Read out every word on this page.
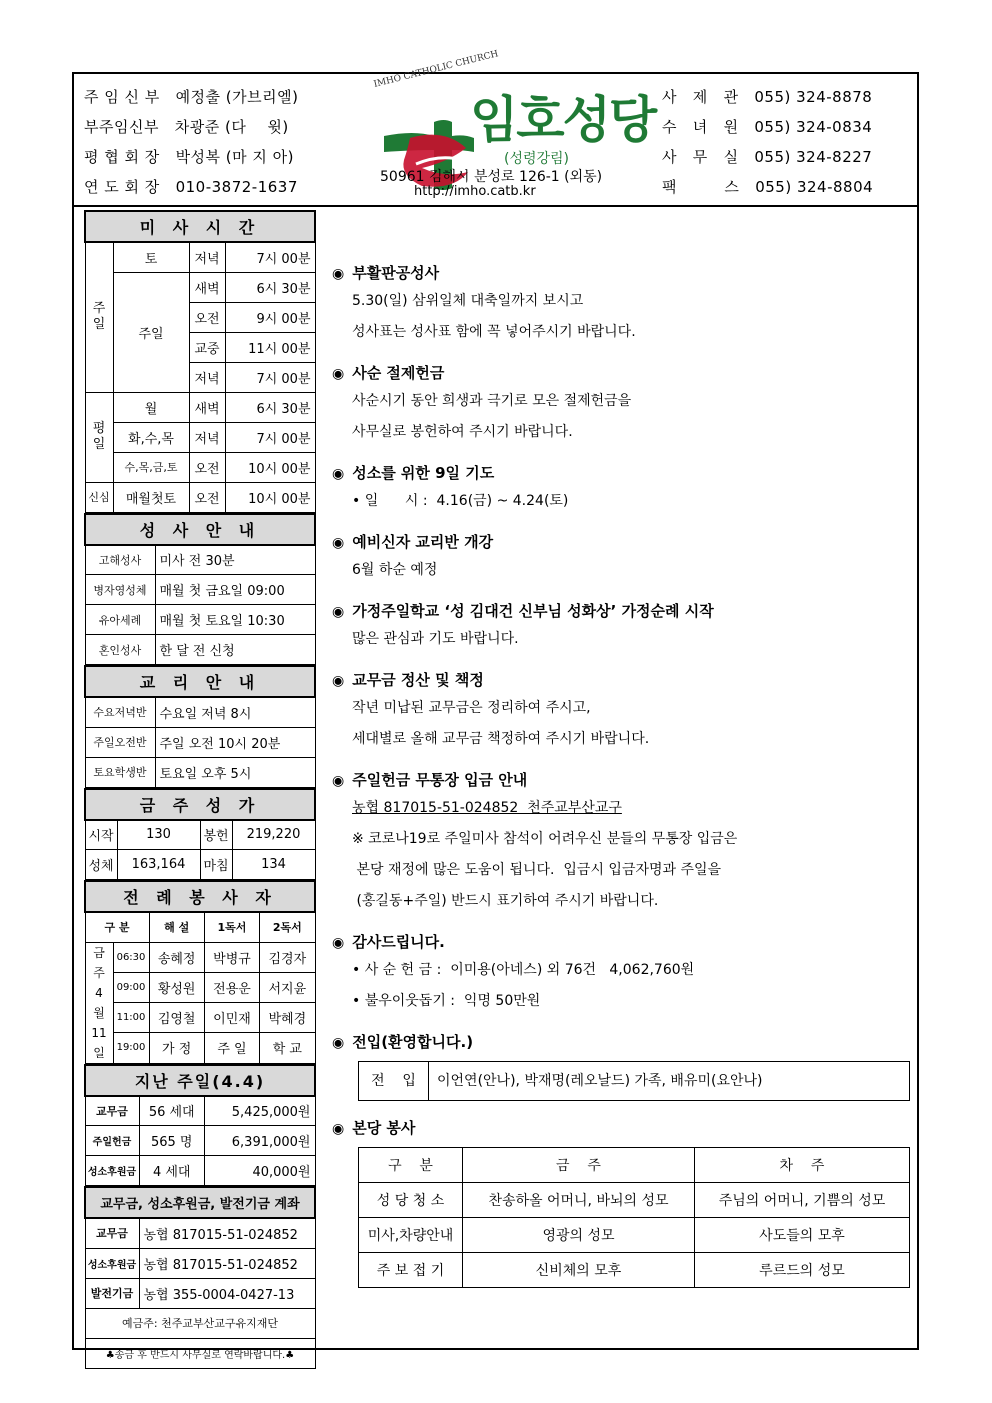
주 임 신 부   예정출 (가브리엘)
부주임신부   차광준 (다    윗)
평 협 회 장   박성복 (마 지 아)
연 도 회 장   010-3872-1637
IMHO CATHOLIC CHURCH
임호성당
(성령강림)
50961 김해시 분성로 126-1 (외동)
http://imho.catb.kr
사   제   관   055) 324-8878
수   녀   원   055) 324-0834
사   무   실   055) 324-8227
팩         스   055) 324-8804
미 사 시 간			
주일	토	저녁	7시 00분
	주일	새벽	6시 30분
		오전	9시 00분
		교중	11시 00분
		저녁	7시 00분
평일	월	새벽	6시 30분
	화,수,목	저녁	7시 00분
	수,목,금,토	오전	10시 00분
신심	매월첫토	오전	10시 00분
성 사 안 내	
고해성사	미사 전 30분
병자영성체	매월 첫 금요일 09:00
유아세례	매월 첫 토요일 10:30
혼인성사	한 달 전 신청
교 리 안 내	
수요저녁반	수요일 저녁 8시
주일오전반	주일 오전 10시 20분
토요학생반	토요일 오후 5시
금 주 성 가			
시작	130	봉헌	219,220
성체	163,164	마침	134
전 례 봉 사 자				
구 분		해 설	1독서	2독서
금주 4 월 11 일	06:30	송혜정	박병규	김경자
	09:00	황성원	전용운	서지윤
	11:00	김영철	이민재	박혜경
	19:00	가 정	주 일	학 교
지난 주일(4.4)		
교무금	56 세대	5,425,000원
주일헌금	565 명	6,391,000원
성소후원금	4 세대	40,000원
교무금, 성소후원금, 발전기금 계좌	
교무금	농협 817015-51-024852
성소후원금	농협 817015-51-024852
발전기금	농협 355-0004-0427-13
예금주: 천주교부산교구유지재단	
♣송금 후 반드시 사무실로 연락바랍니다.♣	
◉ 부활판공성사
5.30(일) 삼위일체 대축일까지 보시고
성사표는 성사표 함에 꼭 넣어주시기 바랍니다.
◉ 사순 절제헌금
사순시기 동안 희생과 극기로 모은 절제헌금을
사무실로 봉헌하여 주시기 바랍니다.
◉ 성소를 위한 9일 기도
• 일      시 :  4.16(금) ~ 4.24(토)
◉ 예비신자 교리반 개강
6월 하순 예정
◉ 가정주일학교 ‘성 김대건 신부님 성화상’ 가정순례 시작
많은 관심과 기도 바랍니다.
◉ 교무금 정산 및 책정
작년 미납된 교무금은 정리하여 주시고,
세대별로 올해 교무금 책정하여 주시기 바랍니다.
◉ 주일헌금 무통장 입금 안내
농협 817015-51-024852  천주교부산교구
※ 코로나19로 주일미사 참석이 어려우신 분들의 무통장 입금은
본당 재정에 많은 도움이 됩니다.  입금시 입금자명과 주일을
(홍길동+주일) 반드시 표기하여 주시기 바랍니다.
◉ 감사드립니다.
• 사 순 헌 금 :  이미용(아네스) 외 76건   4,062,760원
• 불우이웃돕기 :  익명 50만원
◉ 전입(환영합니다.)
전    입	이언연(안나), 박재명(레오날드) 가족, 배유미(요안나)
◉ 본당 봉사
구    분	금    주	차    주
성 당 청 소	찬송하올 어머니, 바뇌의 성모	주님의 어머니, 기쁨의 성모
미사,차량안내	영광의 성모	사도들의 모후
주 보 접 기	신비체의 모후	루르드의 성모
